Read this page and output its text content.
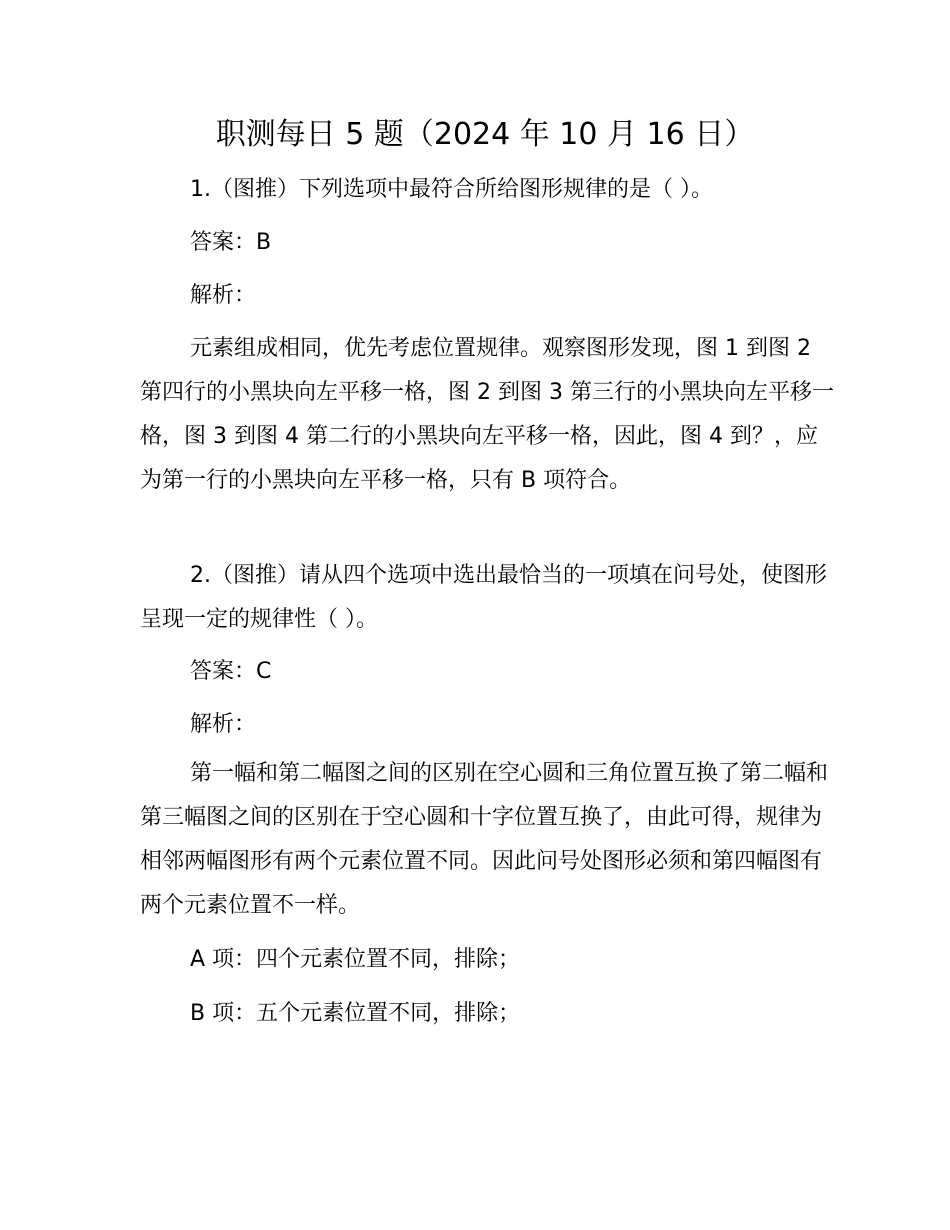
职测每日 5 题（2024 年 10 月 16 日）

1.（图推）下列选项中最符合所给图形规律的是（ ）。

答案：B

解析：

元素组成相同，优先考虑位置规律。观察图形发现，图 1 到图 2 第四行的小黑块向左平移一格，图 2 到图 3 第三行的小黑块向左平移一格，图 3 到图 4 第二行的小黑块向左平移一格，因此，图 4 到？，应为第一行的小黑块向左平移一格，只有 B 项符合。

2.（图推）请从四个选项中选出最恰当的一项填在问号处，使图形呈现一定的规律性（ ）。

答案：C

解析：

第一幅和第二幅图之间的区别在空心圆和三角位置互换了第二幅和第三幅图之间的区别在于空心圆和十字位置互换了，由此可得，规律为相邻两幅图形有两个元素位置不同。因此问号处图形必须和第四幅图有两个元素位置不一样。

A 项：四个元素位置不同，排除；

B 项：五个元素位置不同，排除；
